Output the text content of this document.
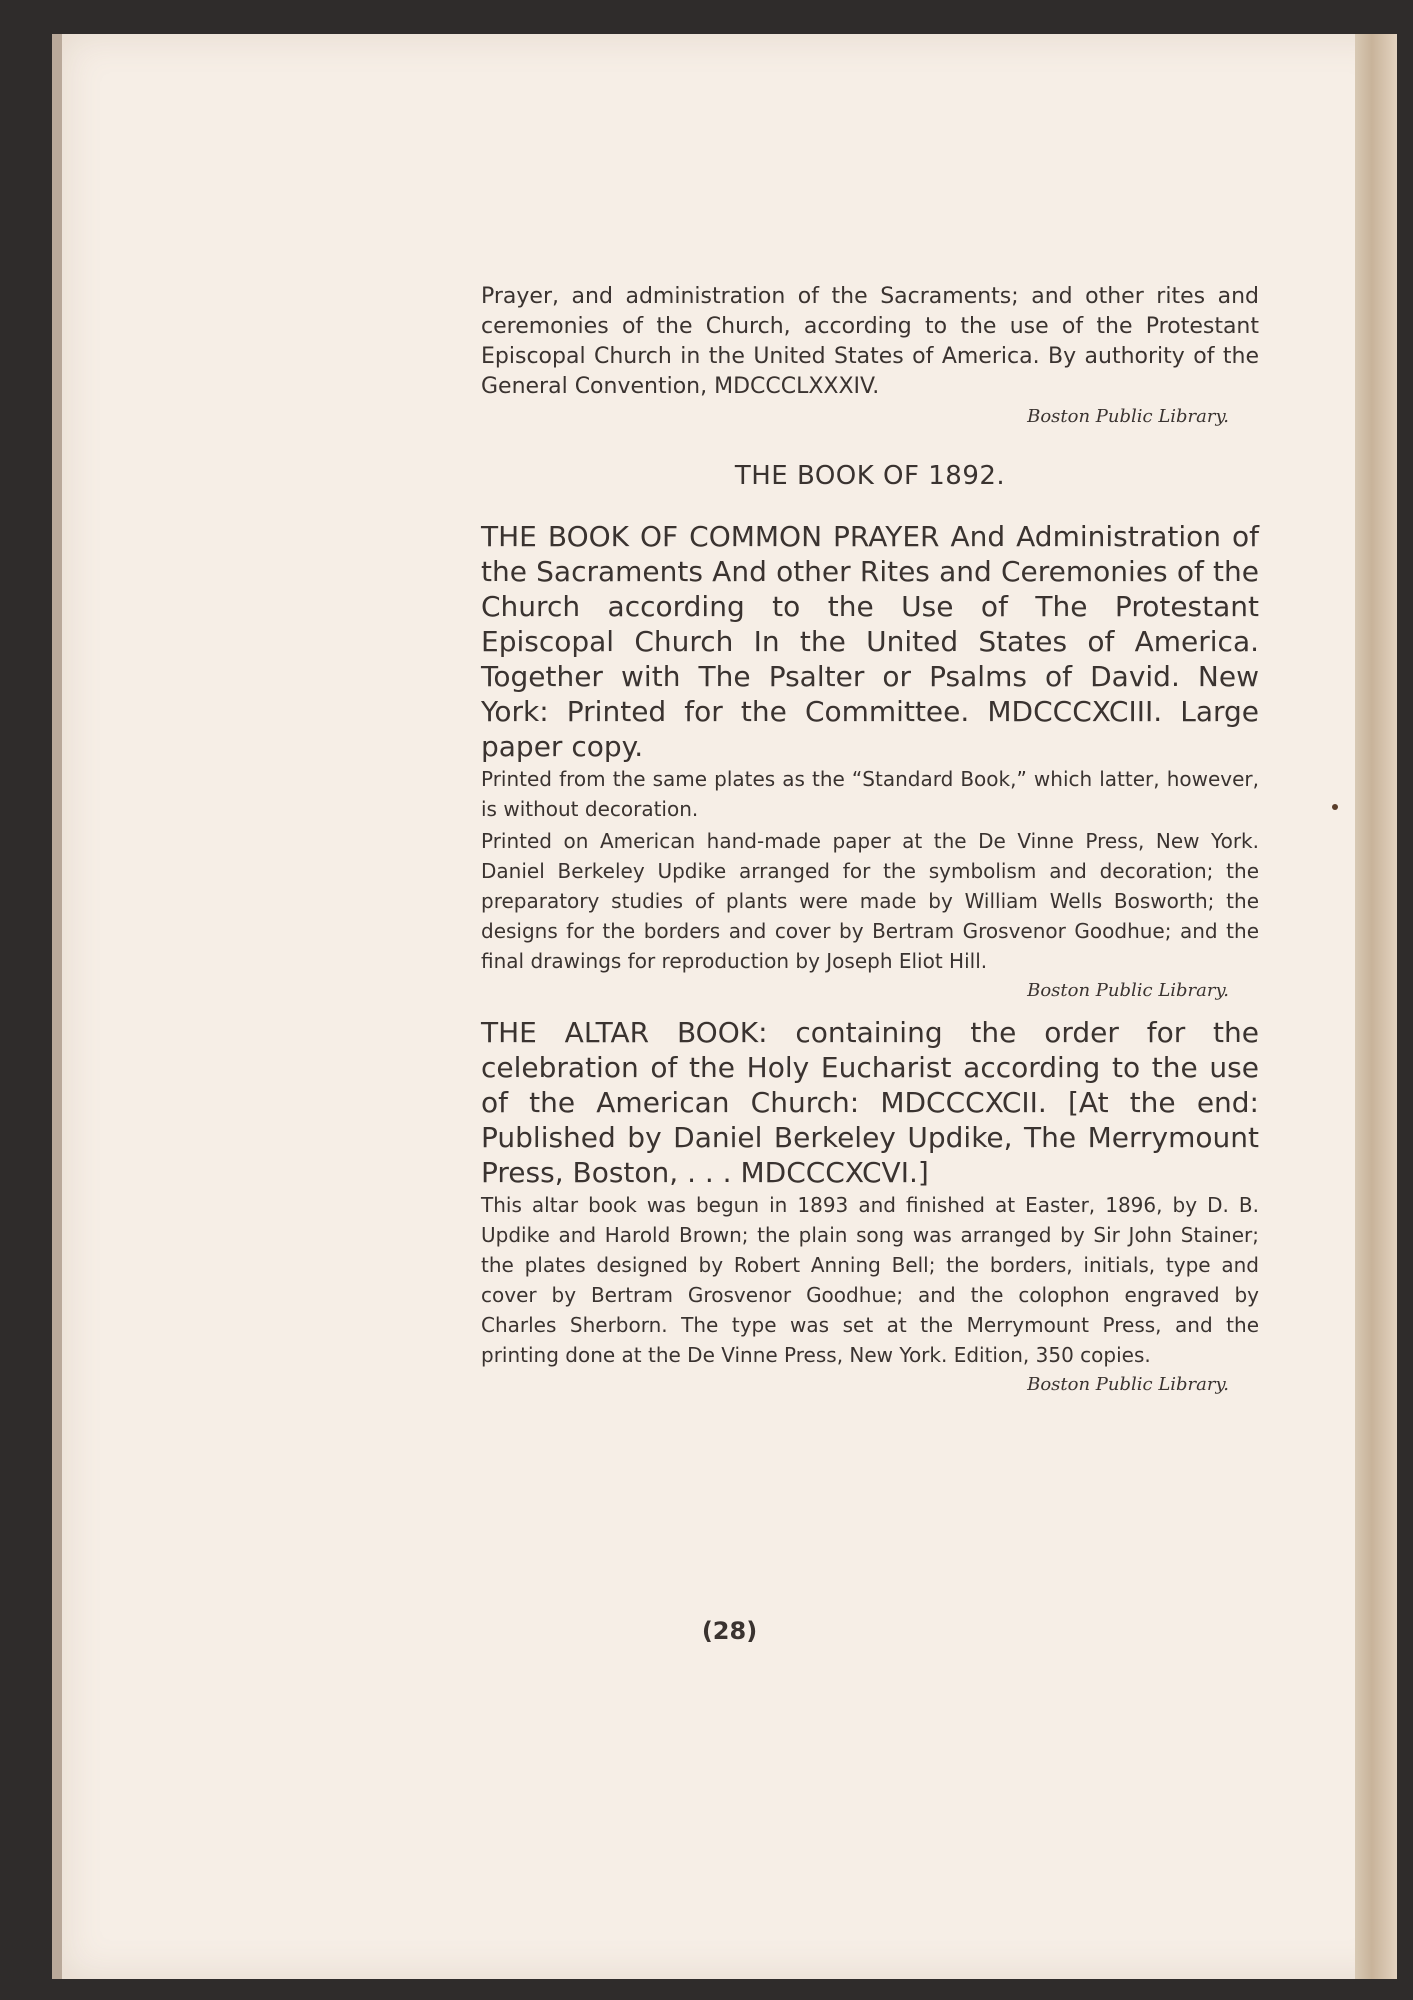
Prayer, and administration of the Sacraments; and other rites and ceremonies of the Church, according to the use of the Protestant Episcopal Church in the United States of America. By authority of the General Convention, MDCCCLXXXIV.

Boston Public Library.
THE BOOK OF 1892.

THE BOOK OF COMMON PRAYER And Administration of the Sacraments And other Rites and Ceremonies of the Church according to the Use of The Protestant Episcopal Church In the United States of America. Together with The Psalter or Psalms of David. New York: Printed for the Committee. MDCCCXCIII. Large paper copy.

Printed from the same plates as the “Standard Book,” which latter, however, is without decoration.

Printed on American hand-made paper at the De Vinne Press, New York. Daniel Berkeley Updike arranged for the symbolism and decoration; the preparatory studies of plants were made by William Wells Bosworth; the designs for the borders and cover by Bertram Grosvenor Goodhue; and the final drawings for reproduction by Joseph Eliot Hill.

Boston Public Library.

THE ALTAR BOOK: containing the order for the celebration of the Holy Eucharist according to the use of the American Church: MDCCCXCII. [At the end: Published by Daniel Berkeley Updike, The Merrymount Press, Boston, . . . MDCCCXCVI.]

This altar book was begun in 1893 and finished at Easter, 1896, by D. B. Updike and Harold Brown; the plain song was arranged by Sir John Stainer; the plates designed by Robert Anning Bell; the borders, initials, type and cover by Bertram Grosvenor Goodhue; and the colophon engraved by Charles Sherborn. The type was set at the Merrymount Press, and the printing done at the De Vinne Press, New York. Edition, 350 copies.

Boston Public Library.
(28)
